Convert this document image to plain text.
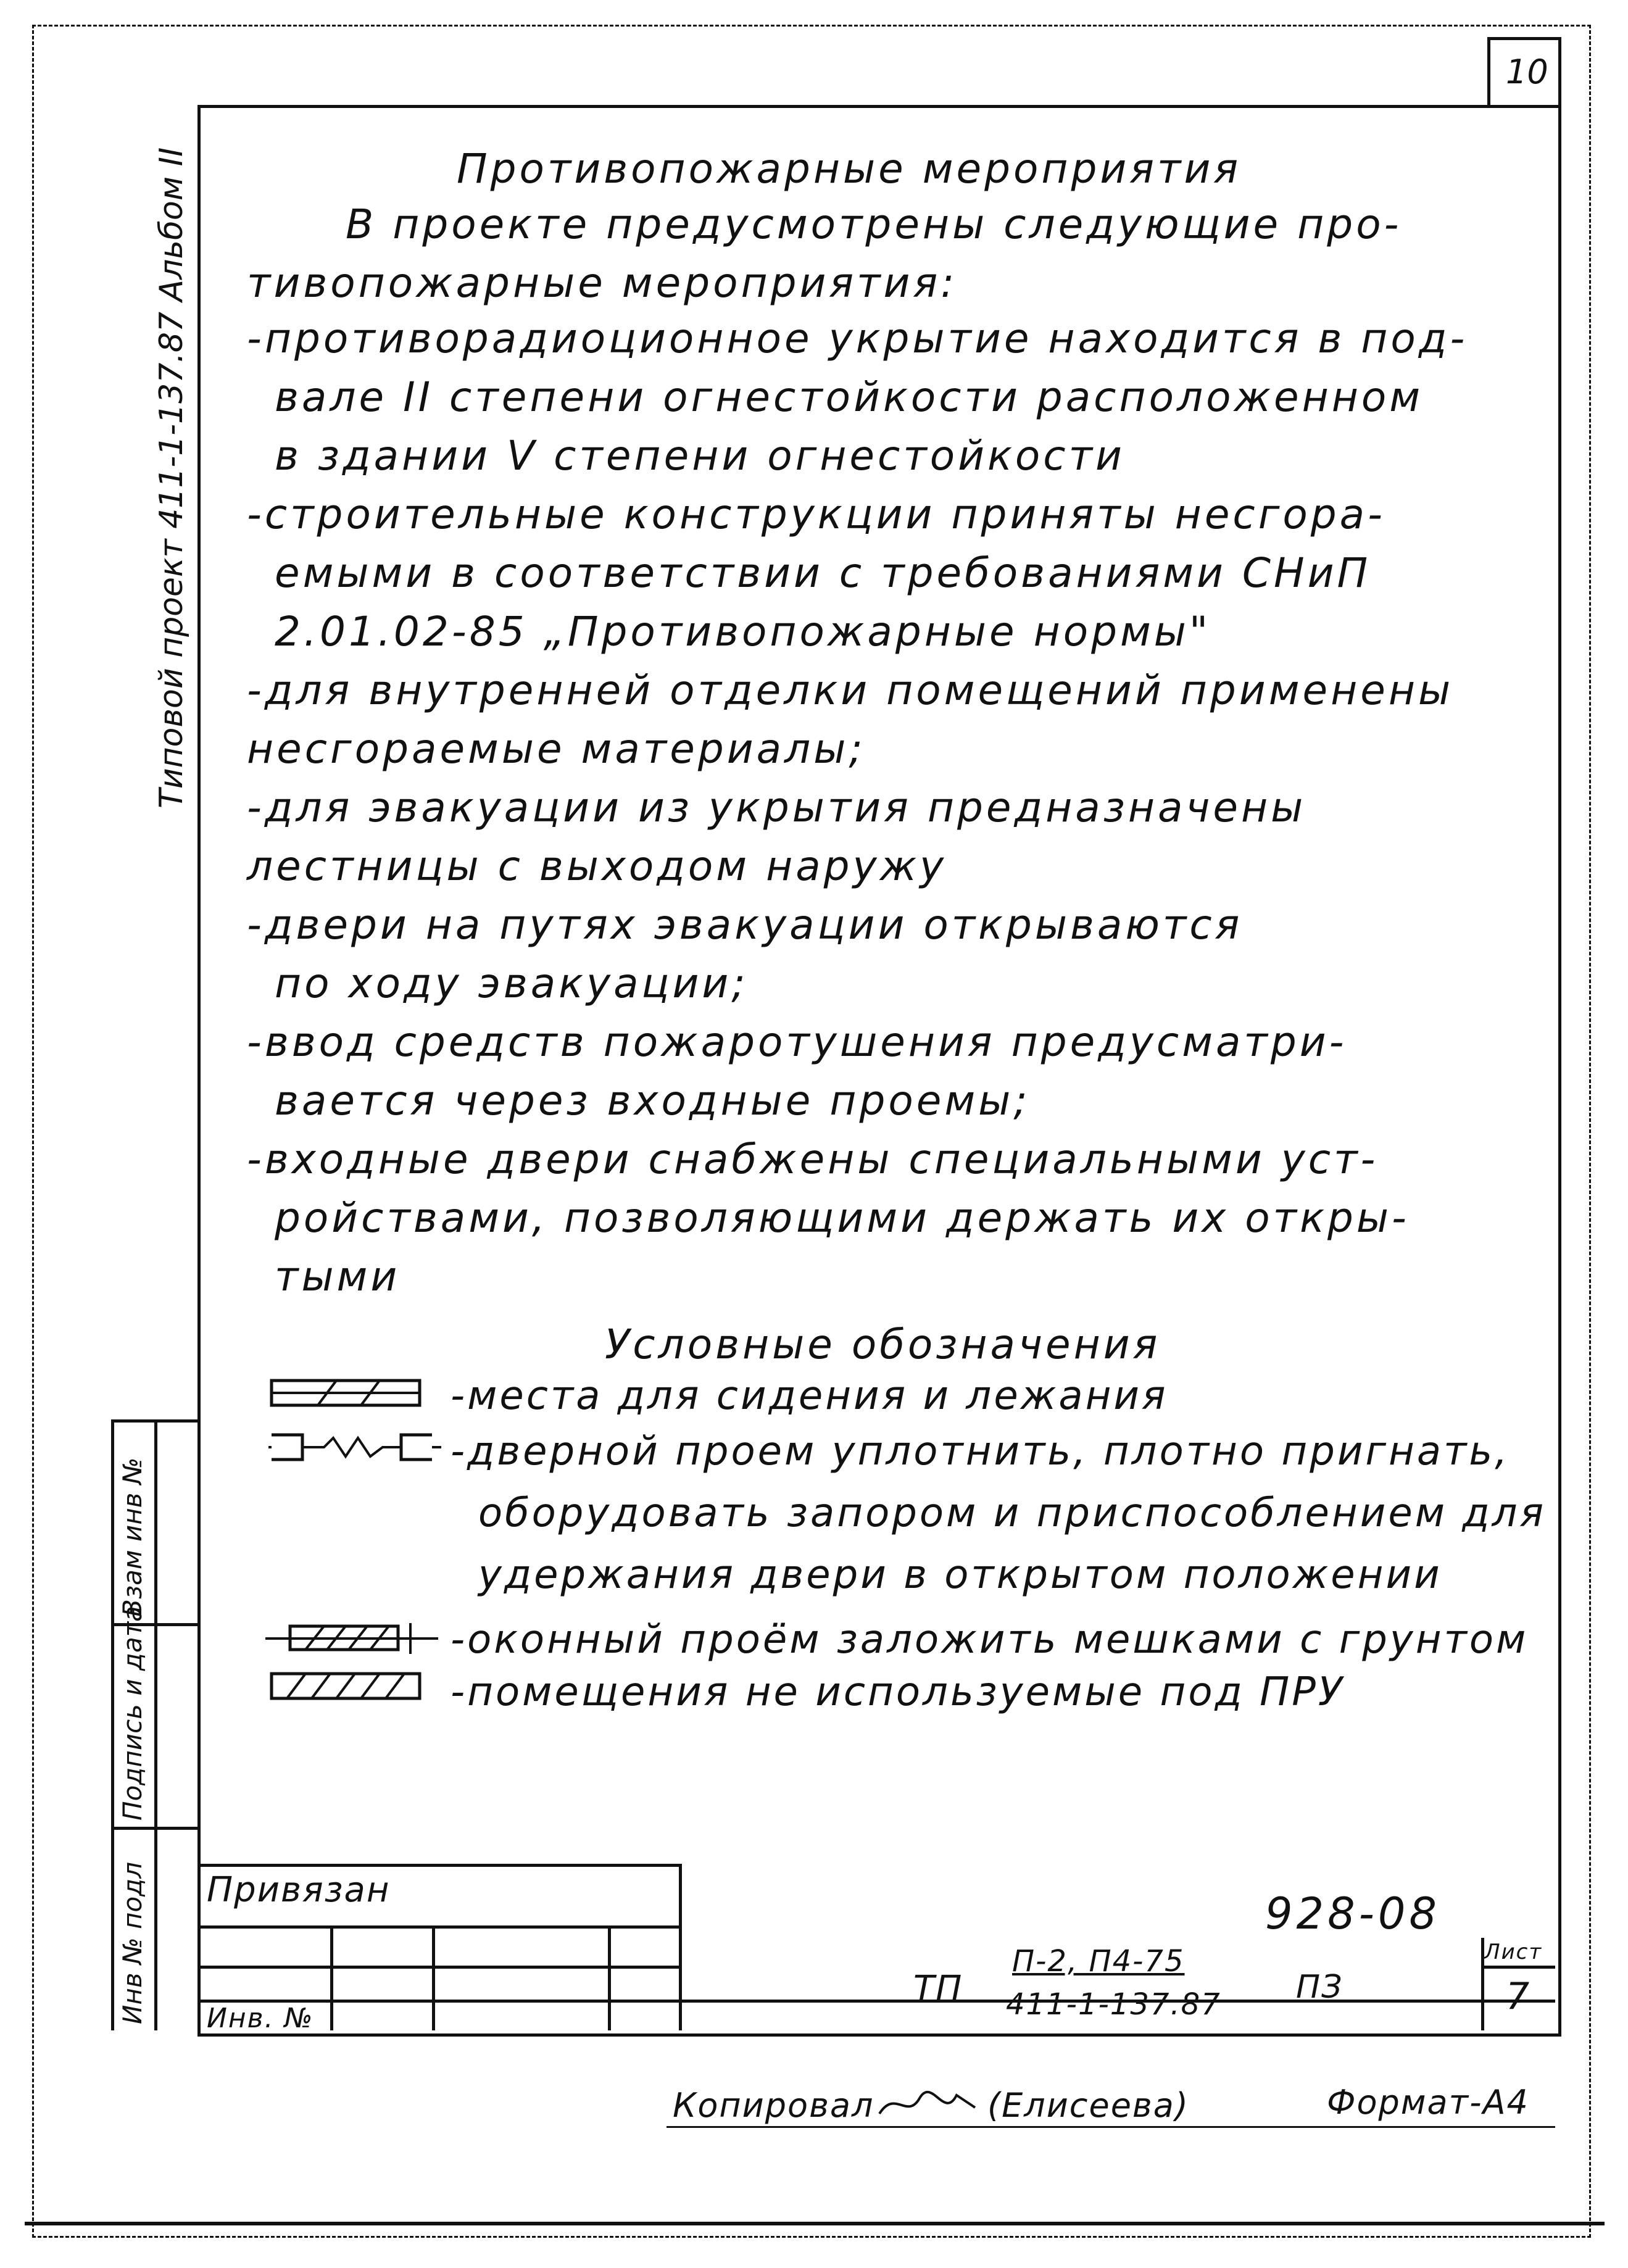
10
Типовой проект 411-1-137.87 Альбом II
Инв № подл
Подпись и дата
Взам инв №
Противопожарные мероприятия
В проекте предусмотрены следующие про-
тивопожарные мероприятия:
-противорадиоционное укрытие находится в под-
вале II степени огнестойкости расположенном
в здании V степени огнестойкости
-строительные конструкции приняты несгора-
емыми в соответствии с требованиями СНиП
2.01.02-85 „Противопожарные нормы"
-для внутренней отделки помещений применены
несгораемые материалы;
-для эвакуации из укрытия предназначены
лестницы с выходом наружу
-двери на путях эвакуации открываются
по ходу эвакуации;
-ввод средств пожаротушения предусматри-
вается через входные проемы;
-входные двери снабжены специальными уст-
ройствами, позволяющими держать их откры-
тыми
Условные обозначения
-места для сидения и лежания
-дверной проем уплотнить, плотно пригнать,
оборудовать запором и приспособлением для
удержания двери в открытом положении
-оконный проём заложить мешками с грунтом
-помещения не используемые под ПРУ
Привязан
Инв. №
928-08
ТП
П-2, П4-75
411-1-137.87 ПЗ
Лист
7
Копировал	(Елисеева)	Формат-А4
